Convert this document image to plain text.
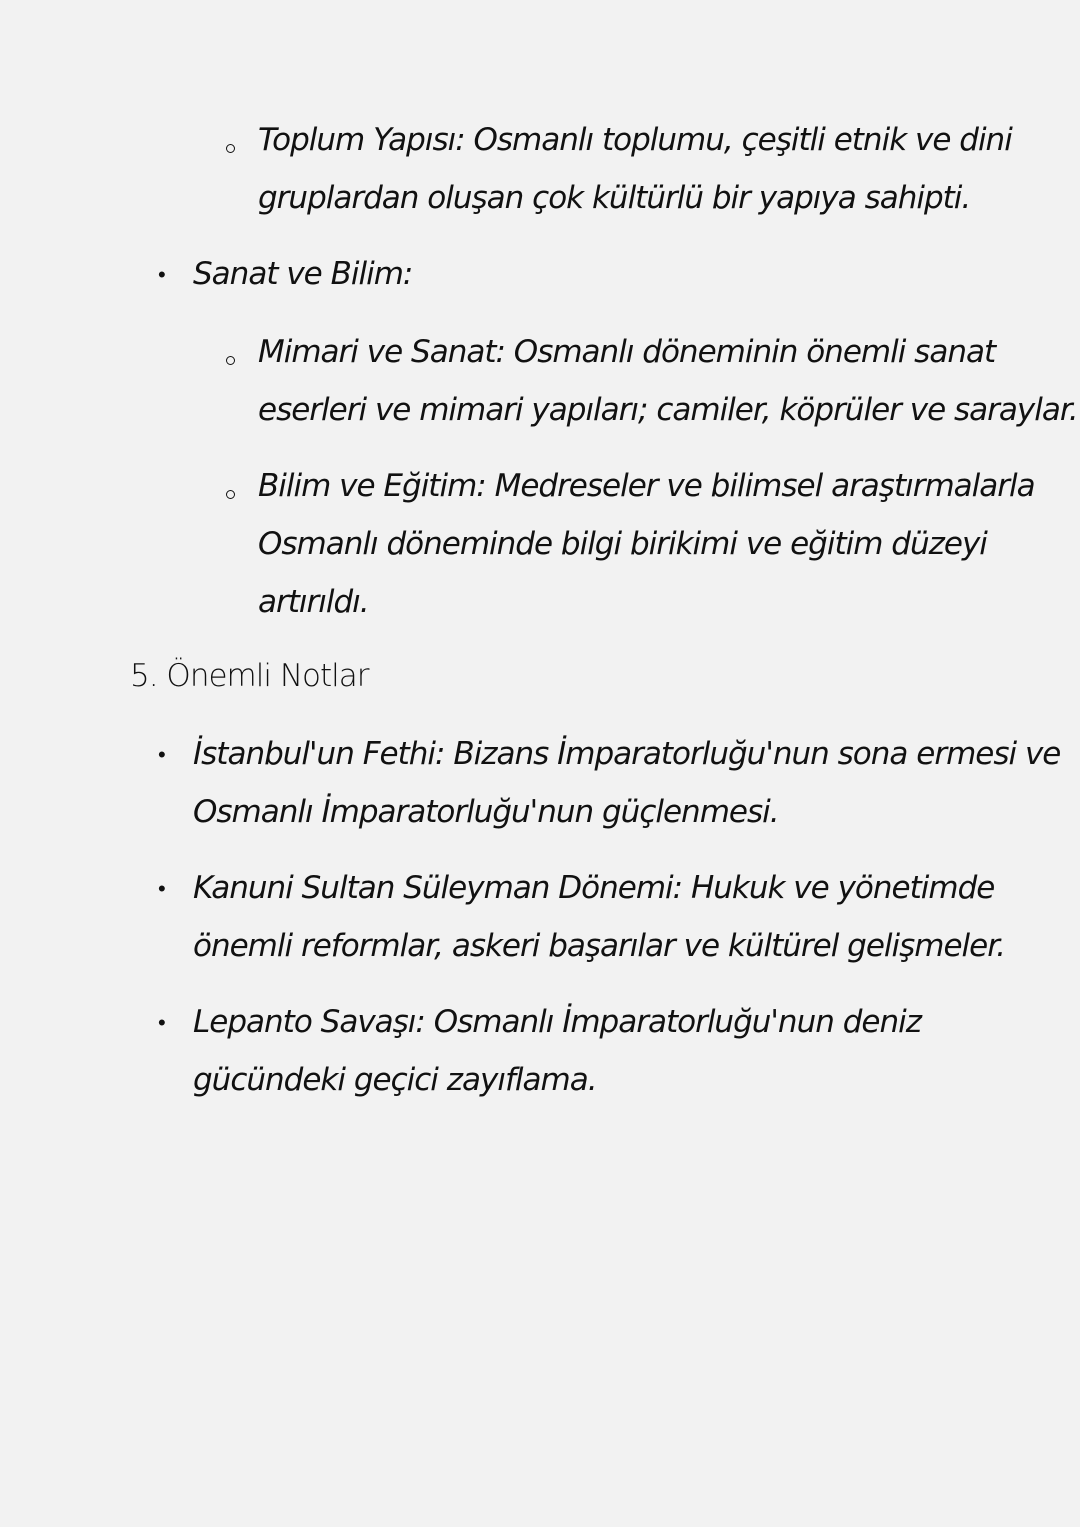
Toplum Yapısı: Osmanlı toplumu, çeşitli etnik ve dini
gruplardan oluşan çok kültürlü bir yapıya sahipti.
• Sanat ve Bilim:
Mimari ve Sanat: Osmanlı döneminin önemli sanat
eserleri ve mimari yapıları; camiler, köprüler ve saraylar.
Bilim ve Eğitim: Medreseler ve bilimsel araştırmalarla
Osmanlı döneminde bilgi birikimi ve eğitim düzeyi
artırıldı.
5. Önemli Notlar
• İstanbul'un Fethi: Bizans İmparatorluğu'nun sona ermesi ve
Osmanlı İmparatorluğu'nun güçlenmesi.
• Kanuni Sultan Süleyman Dönemi: Hukuk ve yönetimde
önemli reformlar, askeri başarılar ve kültürel gelişmeler.
• Lepanto Savaşı: Osmanlı İmparatorluğu'nun deniz
gücündeki geçici zayıflama.
